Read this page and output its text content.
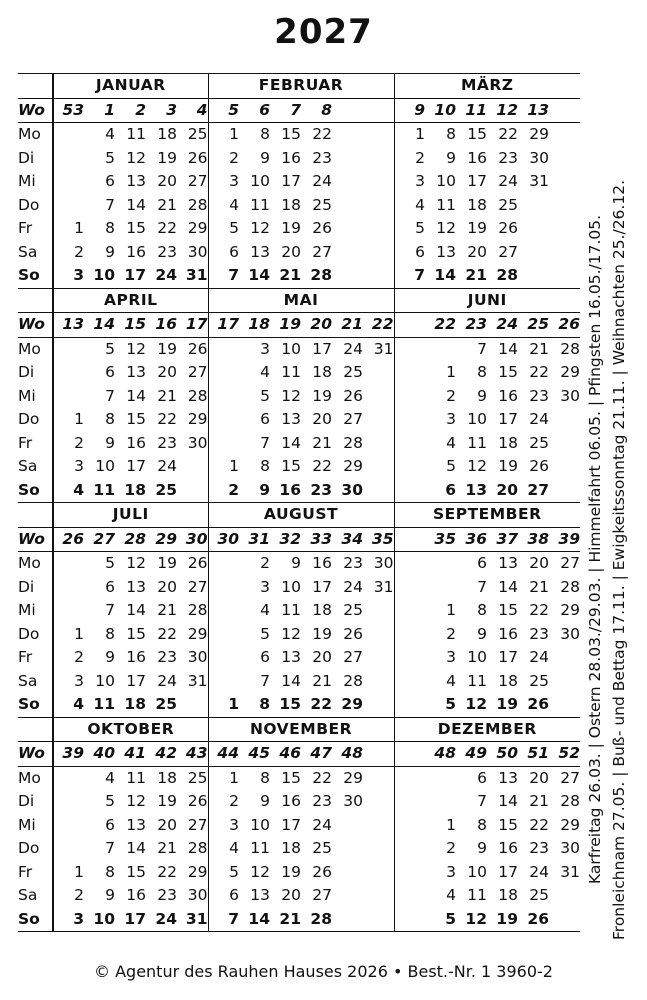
2027
	JANUAR					FEBRUAR						MÄRZ					
Wo	53	1	2	3	4	5	6	7	8			9	10	11	12	13	
Mo		4	11	18	25	1	8	15	22			1	8	15	22	29	
Di		5	12	19	26	2	9	16	23			2	9	16	23	30	
Mi		6	13	20	27	3	10	17	24			3	10	17	24	31	
Do		7	14	21	28	4	11	18	25			4	11	18	25		
Fr	1	8	15	22	29	5	12	19	26			5	12	19	26		
Sa	2	9	16	23	30	6	13	20	27			6	13	20	27		
So	3	10	17	24	31	7	14	21	28			7	14	21	28		
	APRIL					MAI						JUNI					
Wo	13	14	15	16	17	17	18	19	20	21	22		22	23	24	25	26
Mo		5	12	19	26		3	10	17	24	31			7	14	21	28
Di		6	13	20	27		4	11	18	25			1	8	15	22	29
Mi		7	14	21	28		5	12	19	26			2	9	16	23	30
Do	1	8	15	22	29		6	13	20	27			3	10	17	24	
Fr	2	9	16	23	30		7	14	21	28			4	11	18	25	
Sa	3	10	17	24		1	8	15	22	29			5	12	19	26	
So	4	11	18	25		2	9	16	23	30			6	13	20	27	
	JULI					AUGUST						SEPTEMBER					
Wo	26	27	28	29	30	30	31	32	33	34	35		35	36	37	38	39
Mo		5	12	19	26		2	9	16	23	30			6	13	20	27
Di		6	13	20	27		3	10	17	24	31			7	14	21	28
Mi		7	14	21	28		4	11	18	25			1	8	15	22	29
Do	1	8	15	22	29		5	12	19	26			2	9	16	23	30
Fr	2	9	16	23	30		6	13	20	27			3	10	17	24	
Sa	3	10	17	24	31		7	14	21	28			4	11	18	25	
So	4	11	18	25		1	8	15	22	29			5	12	19	26	
	OKTOBER					NOVEMBER						DEZEMBER					
Wo	39	40	41	42	43	44	45	46	47	48			48	49	50	51	52
Mo		4	11	18	25	1	8	15	22	29				6	13	20	27
Di		5	12	19	26	2	9	16	23	30				7	14	21	28
Mi		6	13	20	27	3	10	17	24				1	8	15	22	29
Do		7	14	21	28	4	11	18	25				2	9	16	23	30
Fr	1	8	15	22	29	5	12	19	26				3	10	17	24	31
Sa	2	9	16	23	30	6	13	20	27				4	11	18	25	
So	3	10	17	24	31	7	14	21	28				5	12	19	26	
Karfreitag 26.03. | Ostern 28.03./29.03. | Himmelfahrt 06.05. | Pfingsten 16.05./17.05. Fronleichnam 27.05. | Buß- und Bettag 17.11. | Ewigkeitssonntag 21.11. | Weihnachten 25./26.12.
© Agentur des Rauhen Hauses 2026 • Best.-Nr. 1 3960-2
